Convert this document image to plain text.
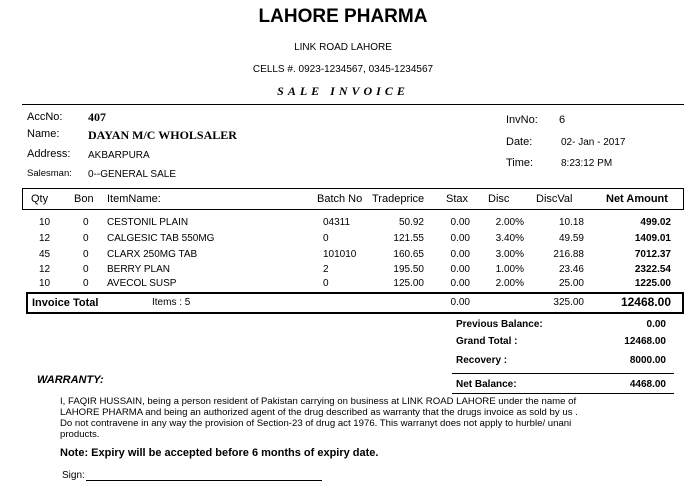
LAHORE PHARMA
LINK ROAD LAHORE
CELLS #. 0923-1234567, 0345-1234567
SALE INVOICE
AccNo: 407
Name: DAYAN M/C WHOLSALER
Address: AKBARPURA
Salesman: 0--GENERAL SALE
InvNo: 6
Date:	02- Jan - 2017
Time:	8:23:12 PM
Qty Bon ItemName:	Batch No Tradeprice Stax Disc DiscVal	Net Amount
10	0 CESTONIL PLAIN	04311	50.92	0.00	2.00%	10.18	499.02
12	0 CALGESIC TAB 550MG	0	121.55	0.00	3.40%	49.59	1409.01
45	0 CLARX 250MG TAB	101010	160.65	0.00	3.00%	216.88	7012.37
12	0 BERRY PLAN	2	195.50	0.00	1.00%	23.46	2322.54
10	0 AVECOL SUSP	0	125.00	0.00	2.00%	25.00	1225.00
Invoice Total	Items : 5	0.00	325.00	12468.00
Previous Balance:	0.00
Grand Total :	12468.00
Recovery :	8000.00
Net Balance:	4468.00
WARRANTY:
I, FAQIR HUSSAIN, being a person resident of Pakistan carrying on business at LINK ROAD LAHORE under the name of
LAHORE PHARMA and being an authorized agent of the drug described as warranty that the drugs invoice as sold by us .
Do not contravene in any way the provision of Section-23 of drug act 1976. This warranyt does not apply to hurble/ unani
products.
Note: Expiry will be accepted before 6 months of expiry date.
Sign:
